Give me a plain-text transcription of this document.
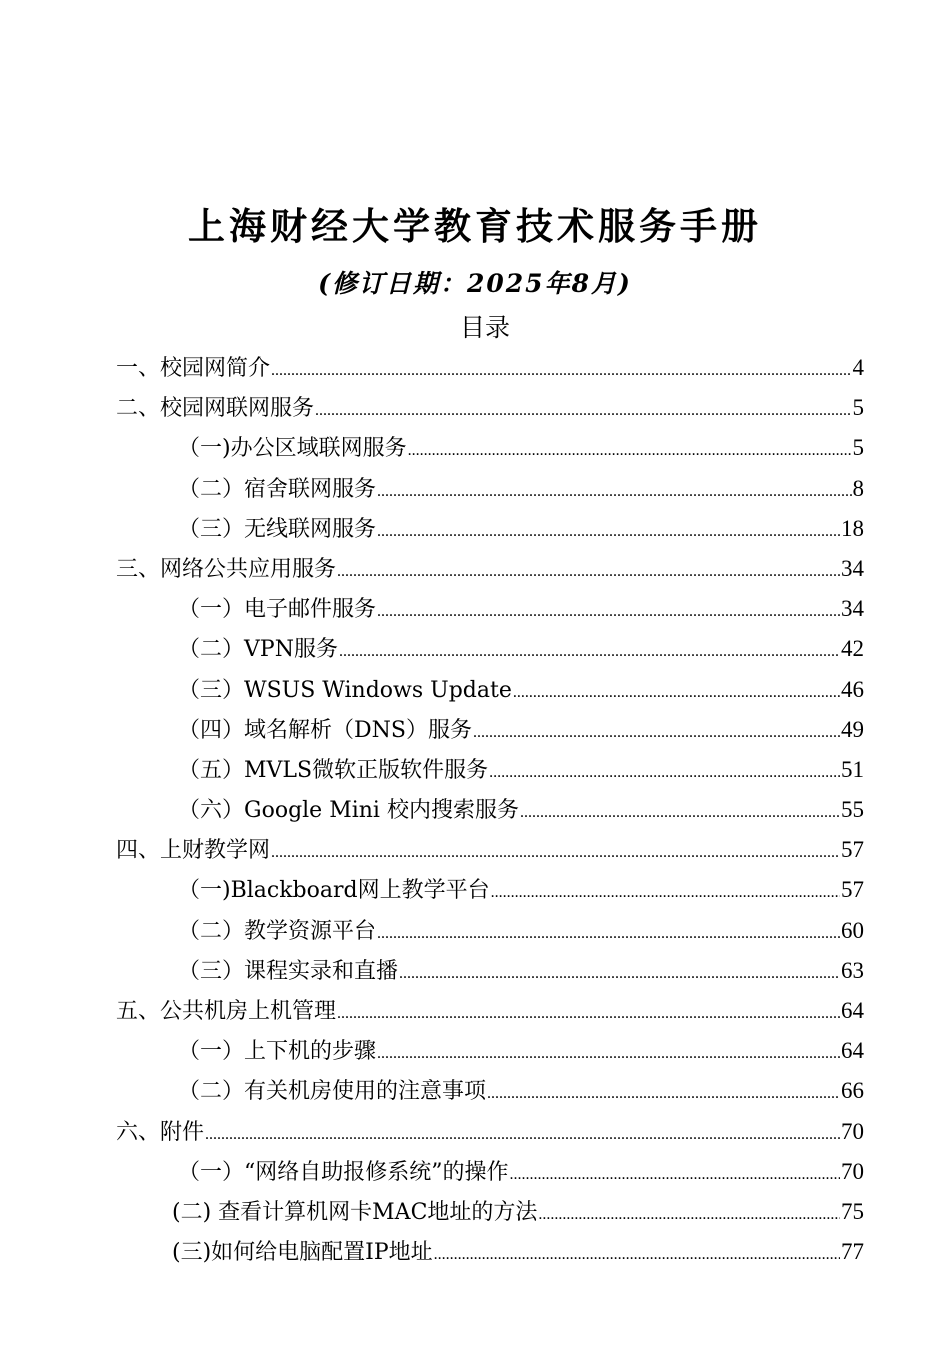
上海财经大学教育技术服务手册
(修订日期：2025年8月)
目录
一、校园网简介 .....	4
二、校园网联网服务 .....	5
（一)办公区域联网服务 .....	5
（二）宿舍联网服务 .....	8
（三）无线联网服务 .....	18
三、网络公共应用服务 .....	34
（一）电子邮件服务 .....	34
（二）VPN服务 .....	42
（三）WSUS Windows Update .....	46
（四）域名解析（DNS）服务 .....	49
（五）MVLS微软正版软件服务 .....	51
（六）Google Mini 校内搜索服务 .....	55
四、上财教学网 .....	57
（一)Blackboard网上教学平台 .....	57
（二）教学资源平台 .....	60
（三）课程实录和直播 .....	63
五、公共机房上机管理 .....	64
（一）上下机的步骤 .....	64
（二）有关机房使用的注意事项 .....	66
六、附件 .....	70
（一）“网络自助报修系统”的操作 .....	70
(二) 查看计算机网卡MAC地址的方法 .....	75
(三)如何给电脑配置IP地址 .....	77
